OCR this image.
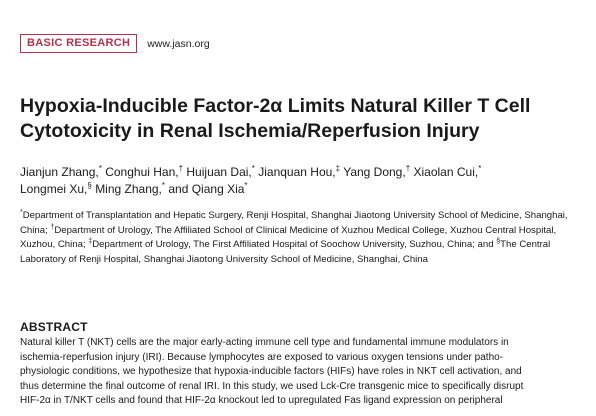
BASIC RESEARCH	www.jasn.org
Hypoxia-Inducible Factor-2α Limits Natural Killer T Cell
Cytotoxicity in Renal Ischemia/Reperfusion Injury
Jianjun Zhang,* Conghui Han,† Huijuan Dai,* Jianquan Hou,‡ Yang Dong,† Xiaolan Cui,*
Longmei Xu,§ Ming Zhang,* and Qiang Xia*
*Department of Transplantation and Hepatic Surgery, Renji Hospital, Shanghai Jiaotong University School of Medicine, Shanghai, China; †Department of Urology, The Affiliated School of Clinical Medicine of Xuzhou Medical College, Xuzhou Central Hospital, Xuzhou, China; ‡Department of Urology, The First Affiliated Hospital of Soochow University, Suzhou, China; and §The Central Laboratory of Renji Hospital, Shanghai Jiaotong University School of Medicine, Shanghai, China
ABSTRACT
Natural killer T (NKT) cells are the major early-acting immune cell type and fundamental immune modulators in
ischemia-reperfusion injury (IRI). Because lymphocytes are exposed to various oxygen tensions under patho-
physiologic conditions, we hypothesize that hypoxia-inducible factors (HIFs) have roles in NKT cell activation, and
thus determine the final outcome of renal IRI. In this study, we used Lck-Cre transgenic mice to specifically disrupt
HIF-2α in T/NKT cells and found that HIF-2α knockout led to upregulated Fas ligand expression on peripheral
